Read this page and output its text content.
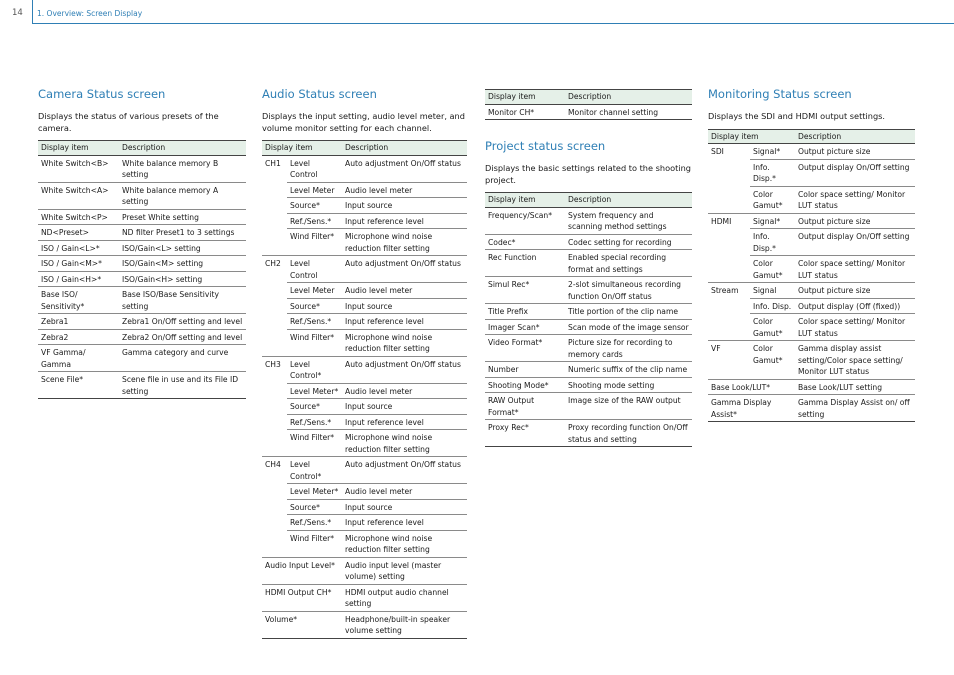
14 1. Overview: Screen Display
Camera Status screen

Displays the status of various presets of the camera.

Display item	Description
White Switch<B>	White balance memory B setting
White Switch<A>	White balance memory A setting
White Switch<P>	Preset White setting
ND<Preset>	ND filter Preset1 to 3 settings
ISO / Gain<L>*	ISO/Gain<L> setting
ISO / Gain<M>*	ISO/Gain<M> setting
ISO / Gain<H>*	ISO/Gain<H> setting
Base ISO/ Sensitivity*	Base ISO/Base Sensitivity setting
Zebra1	Zebra1 On/Off setting and level
Zebra2	Zebra2 On/Off setting and level
VF Gamma/ Gamma	Gamma category and curve
Scene File*	Scene file in use and its File ID setting
Audio Status screen

Displays the input setting, audio level meter, and volume monitor setting for each channel.

Display item		Description
CH1	Level Control	Auto adjustment On/Off status
	Level Meter	Audio level meter
	Source*	Input source
	Ref./Sens.*	Input reference level
	Wind Filter*	Microphone wind noise reduction filter setting
CH2	Level Control	Auto adjustment On/Off status
	Level Meter	Audio level meter
	Source*	Input source
	Ref./Sens.*	Input reference level
	Wind Filter*	Microphone wind noise reduction filter setting
CH3	Level Control*	Auto adjustment On/Off status
	Level Meter*	Audio level meter
	Source*	Input source
	Ref./Sens.*	Input reference level
	Wind Filter*	Microphone wind noise reduction filter setting
CH4	Level Control*	Auto adjustment On/Off status
	Level Meter*	Audio level meter
	Source*	Input source
	Ref./Sens.*	Input reference level
	Wind Filter*	Microphone wind noise reduction filter setting
Audio Input Level*		Audio input level (master volume) setting
HDMI Output CH*		HDMI output audio channel setting
Volume*		Headphone/built-in speaker volume setting
Display item	Description
Monitor CH*	Monitor channel setting
Project status screen

Displays the basic settings related to the shooting project.

Display item	Description
Frequency/Scan*	System frequency and scanning method settings
Codec*	Codec setting for recording
Rec Function	Enabled special recording format and settings
Simul Rec*	2-slot simultaneous recording function On/Off status
Title Prefix	Title portion of the clip name
Imager Scan*	Scan mode of the image sensor
Video Format*	Picture size for recording to memory cards
Number	Numeric suffix of the clip name
Shooting Mode*	Shooting mode setting
RAW Output Format*	Image size of the RAW output
Proxy Rec*	Proxy recording function On/Off status and setting
Monitoring Status screen

Displays the SDI and HDMI output settings.

Display item		Description
SDI	Signal*	Output picture size
	Info. Disp.*	Output display On/Off setting
	Color Gamut*	Color space setting/ Monitor LUT status
HDMI	Signal*	Output picture size
	Info. Disp.*	Output display On/Off setting
	Color Gamut*	Color space setting/ Monitor LUT status
Stream	Signal	Output picture size
	Info. Disp.	Output display (Off (fixed))
	Color Gamut*	Color space setting/ Monitor LUT status
VF	Color Gamut*	Gamma display assist setting/Color space setting/ Monitor LUT status
Base Look/LUT*		Base Look/LUT setting
Gamma Display Assist*		Gamma Display Assist on/ off setting
